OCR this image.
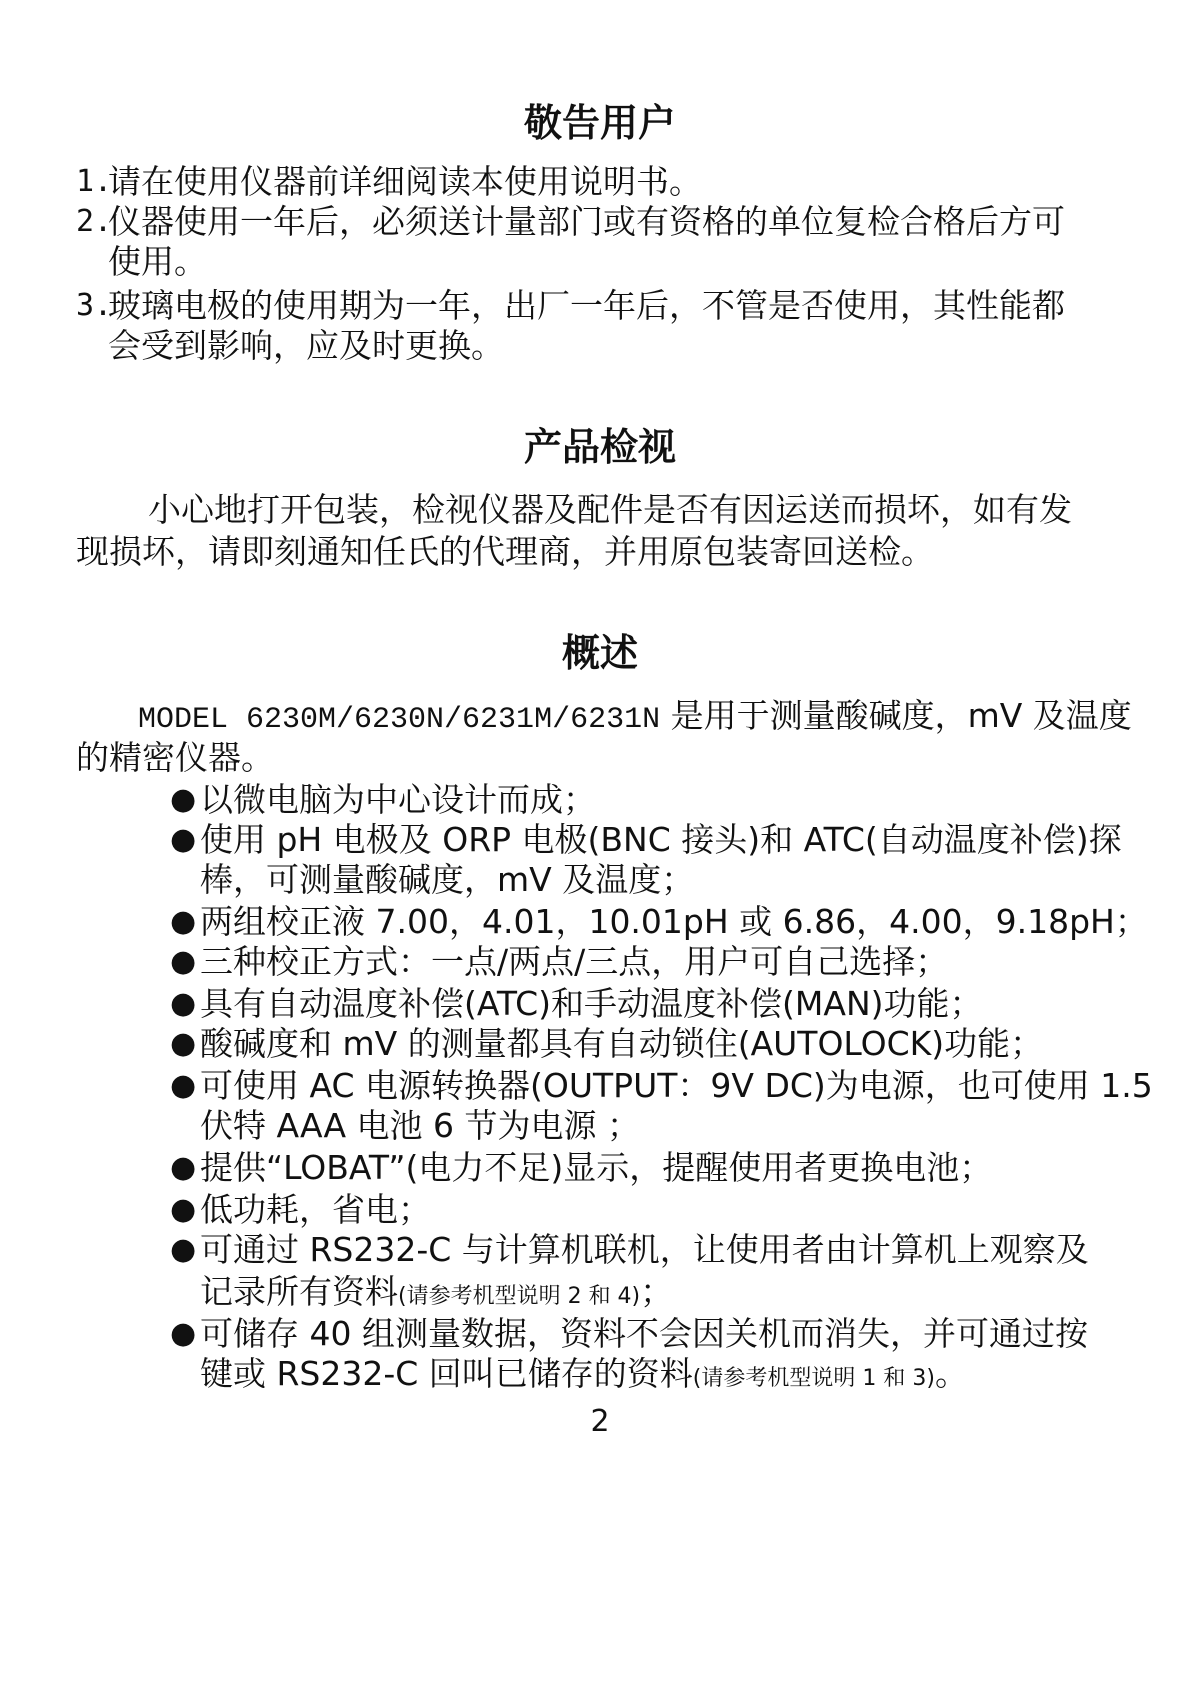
敬告用户
1.
请在使用仪器前详细阅读本使用说明书。
2.
仪器使用一年后，必须送计量部门或有资格的单位复检合格后方可
使用。
3.
玻璃电极的使用期为一年，出厂一年后，不管是否使用，其性能都
会受到影响，应及时更换。
产品检视
小心地打开包装，检视仪器及配件是否有因运送而损坏，如有发
现损坏，请即刻通知任氏的代理商，并用原包装寄回送检。
概述
MODEL 6230M/6230N/6231M/6231N 是用于测量酸碱度，mV 及温度
的精密仪器。
● 以微电脑为中心设计而成；
● 使用 pH 电极及 ORP 电极(BNC 接头)和 ATC(自动温度补偿)探
棒，可测量酸碱度，mV 及温度；
● 两组校正液 7.00，4.01，10.01pH 或 6.86，4.00，9.18pH；
● 三种校正方式：一点/两点/三点，用户可自己选择；
● 具有自动温度补偿(ATC)和手动温度补偿(MAN)功能；
● 酸碱度和 mV 的测量都具有自动锁住(AUTOLOCK)功能；
● 可使用 AC 电源转换器(OUTPUT：9V DC)为电源，也可使用 1.5
伏特 AAA 电池 6 节为电源 ；
● 提供“LOBAT”(电力不足)显示，提醒使用者更换电池；
● 低功耗，省电；
● 可通过 RS232-C 与计算机联机，让使用者由计算机上观察及
记录所有资料(请参考机型说明 2 和 4)；
● 可储存 40 组测量数据，资料不会因关机而消失，并可通过按
键或 RS232-C 回叫已储存的资料(请参考机型说明 1 和 3)。
2
